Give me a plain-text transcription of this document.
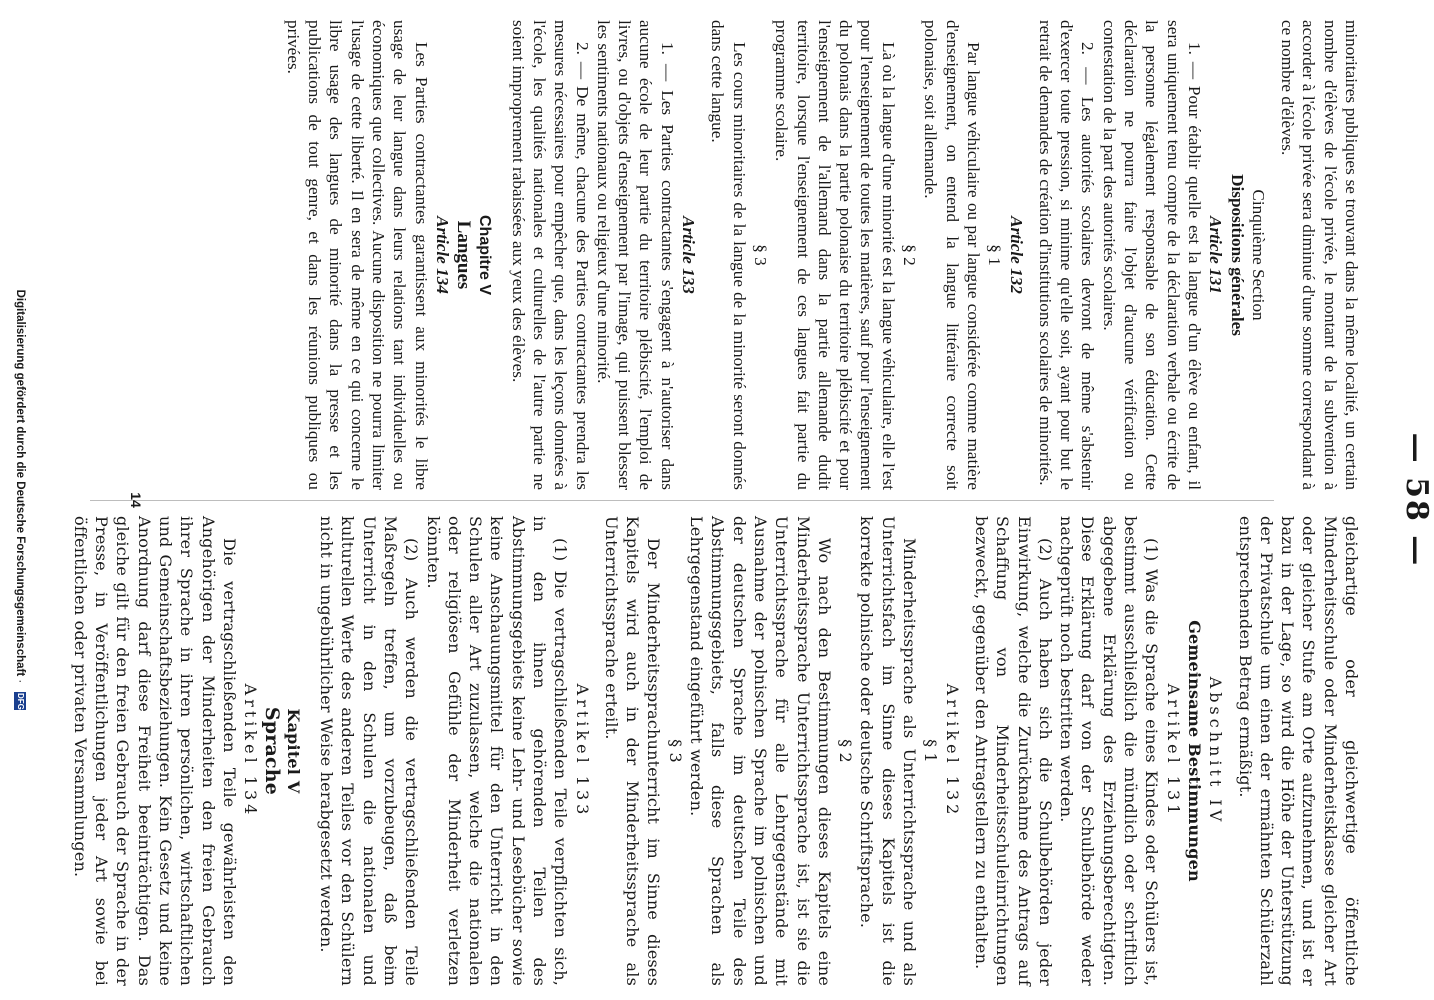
— 58 —

minoritaires publiques se trouvant dans la même localité, un certain nombre d'élèves de l'école privée, le montant de la subvention à accorder à l'école privée sera diminué d'une somme correspondant à ce nombre d'élèves.

Cinquième Section

Dispositions générales

Article 131

1. — Pour établir quelle est la langue d'un élève ou enfant, il sera uniquement tenu compte de la déclaration verbale ou écrite de la personne légalement responsable de son éducation. Cette déclaration ne pourra faire l'objet d'aucune vérification ou contestation de la part des autorités scolaires.

2. — Les autorités scolaires devront de même s'abstenir d'exercer toute pression, si minime qu'elle soit, ayant pour but le retrait de demandes de création d'institutions scolaires de minorités.

Article 132

§ 1

Par langue véhiculaire ou par langue considérée comme matière d'enseignement, on entend la langue littéraire correcte soit polonaise, soit allemande.

§ 2

Là où la langue d'une minorité est la langue véhiculaire, elle l'est pour l'enseignement de toutes les matières, sauf pour l'enseignement du polonais dans la partie polonaise du territoire plébiscité et pour l'enseignement de l'allemand dans la partie allemande dudit territoire, lorsque l'enseignement de ces langues fait partie du programme scolaire.

§ 3

Les cours minoritaires de la langue de la minorité seront donnés dans cette langue.

Article 133

1. — Les Parties contractantes s'engagent à n'autoriser dans aucune école de leur partie du territoire plébiscité, l'emploi de livres, ou d'objets d'enseignement par l'image, qui puissent blesser les sentiments nationaux ou religieux d'une minorité.

2. — De même, chacune des Parties contractantes prendra les mesures nécessaires pour empêcher que, dans les leçons données à l'école, les qualités nationales et culturelles de l'autre partie ne soient improprement rabaissées aux yeux des élèves.

Chapitre V

Langues

Article 134

Les Parties contractantes garantissent aux minorités le libre usage de leur langue dans leurs relations tant individuelles ou économiques que collectives. Aucune disposition ne pourra limiter l'usage de cette liberté. Il en sera de même en ce qui concerne le libre usage des langues de minorité dans la presse et les publications de tout genre, et dans les réunions publiques ou privées.

gleichartige oder gleichwertige öffentliche Minderheitsschule oder Minderheitsklasse gleicher Art oder gleicher Stufe am Orte aufzunehmen, und ist er bazu in der Lage, so wird die Höhe der Unterstützung der Privatschule um einen der ermähnten Schülerzahl entsprechenden Betrag ermäßigt.

Abschnitt IV

Gemeinsame Bestimmungen

Artikel 131

(1) Was die Sprache eines Kindes oder Schülers ist, bestimmt ausschließlich die mündlich oder schriftlich abgegebene Erklärung des Erziehungsberechtigten. Diese Erklärung darf von der Schulbehörde weder nachgeprüft noch bestritten werden.

(2) Auch haben sich die Schulbehörden jeder Einwirkung, welche die Zurücknahme des Antrags auf Schaffung von Minderheitsschuleinrichtungen bezweckt, gegenüber den Antragstellern zu enthalten.

Artikel 132

§ 1

Minderheitssprache als Unterrichtssprache und als Unterrichtsfach im Sinne dieses Kapitels ist die korrekte polnische oder deutsche Schriftsprache.

§ 2

Wo nach den Bestimmungen dieses Kapitels eine Minderheitssprache Unterrichtssprache ist, ist sie die Unterrichtssprache für alle Lehrgegenstände mit Ausnahme der polnischen Sprache im polnischen und der deutschen Sprache im deutschen Teile des Abstimmungsgebiets, falls diese Sprachen als Lehrgegenstand eingeführt werden.

§ 3

Der Minderheitssprachunterricht im Sinne dieses Kapitels wird auch in der Minderheitssprache als Unterrichtssprache erteilt.

Artikel 133

(1) Die vertragschließenden Teile verpflichten sich, in den ihnen gehörenden Teilen des Abstimmungsgebiets keine Lehr- und Lesebücher sowie keine Anschauungsmittel für den Unterricht in den Schulen aller Art zuzulassen, welche die nationalen oder religiösen Gefühle der Minderheit verletzen könnten.

(2) Auch werden die vertragschließenden Teile Maßregeln treffen, um vorzubeugen, daß beim Unterricht in den Schulen die nationalen und kulturellen Werte des anderen Teiles vor den Schülern nicht in ungebührlicher Weise herabgesetzt werden.

Kapitel V

Sprache

Artikel 134

Die vertragschließenden Teile gewährleisten den Angehörigen der Minderheiten den freien Gebrauch ihrer Sprache in ihren persönlichen, wirtschaftlichen und Gemeinschaftsbeziehungen. Kein Gesetz und keine Anordnung darf diese Freiheit beeinträchtigen. Das gleiche gilt für den freien Gebrauch der Sprache in der Presse, in Veröffentlichungen jeder Art sowie bei öffentlichen oder privaten Versammlungen.

14
Digitalisierung gefördert durch die Deutsche Forschungsgemeinschaft · DFG
